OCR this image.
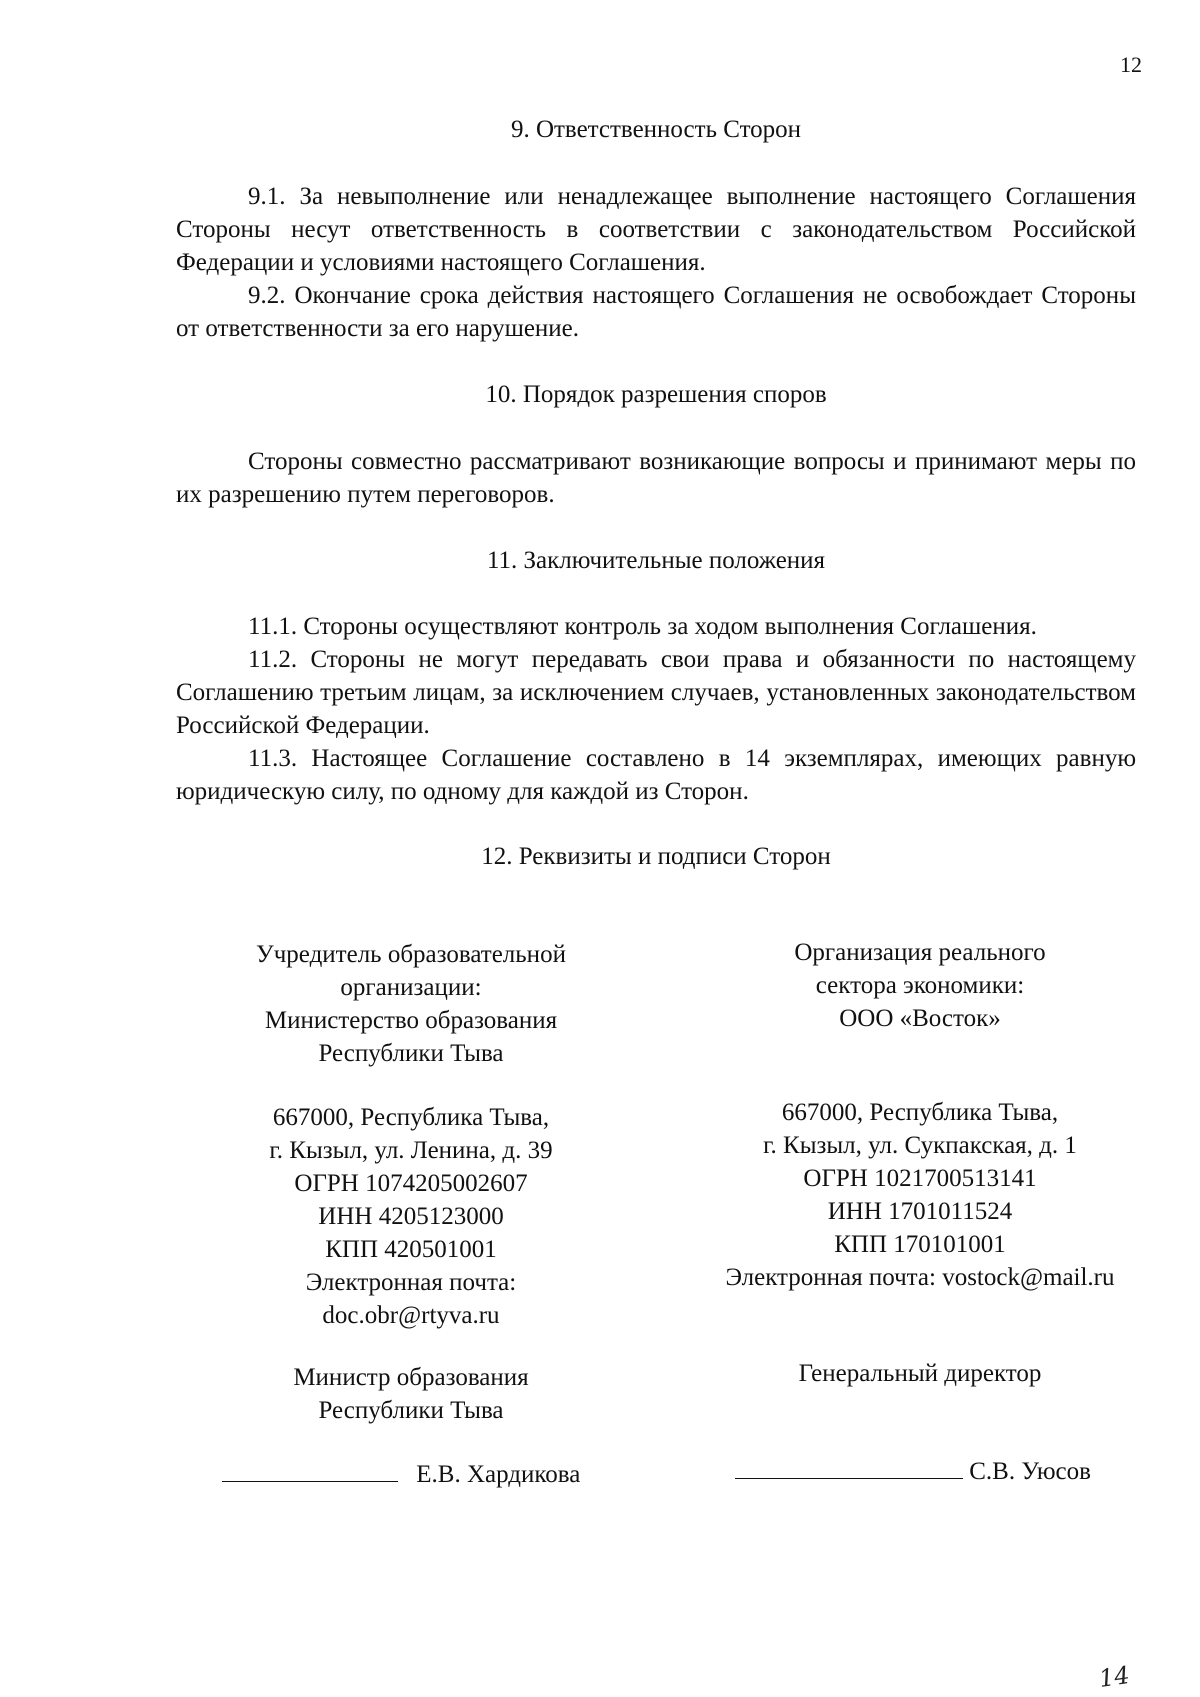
12
9. Ответственность Сторон

9.1. За невыполнение или ненадлежащее выполнение настоящего Соглашения Стороны несут ответственность в соответствии с законодательством Российской Федерации и условиями настоящего Соглашения.

9.2. Окончание срока действия настоящего Соглашения не освобождает Стороны от ответственности за его нарушение.

10. Порядок разрешения споров

Стороны совместно рассматривают возникающие вопросы и принимают меры по их разрешению путем переговоров.

11. Заключительные положения

11.1. Стороны осуществляют контроль за ходом выполнения Соглашения.

11.2. Стороны не могут передавать свои права и обязанности по настоящему Соглашению третьим лицам, за исключением случаев, установленных законодательством Российской Федерации.

11.3. Настоящее Соглашение составлено в 14 экземплярах, имеющих равную юридическую силу, по одному для каждой из Сторон.

12. Реквизиты и подписи Сторон
Учредитель образовательной
организации:
Министерство образования
Республики Тыва
667000, Республика Тыва,
г. Кызыл, ул. Ленина, д. 39
ОГРН 1074205002607
ИНН 4205123000
КПП 420501001
Электронная почта:
doc.obr@rtyva.ru
Министр образования
Республики Тыва
Е.В. Хардикова
Организация реального
сектора экономики:
ООО «Восток»
667000, Республика Тыва,
г. Кызыл, ул. Сукпакская, д. 1
ОГРН 1021700513141
ИНН 1701011524
КПП 170101001
Электронная почта: vostock@mail.ru
Генеральный директор
С.В. Уюсов
14
